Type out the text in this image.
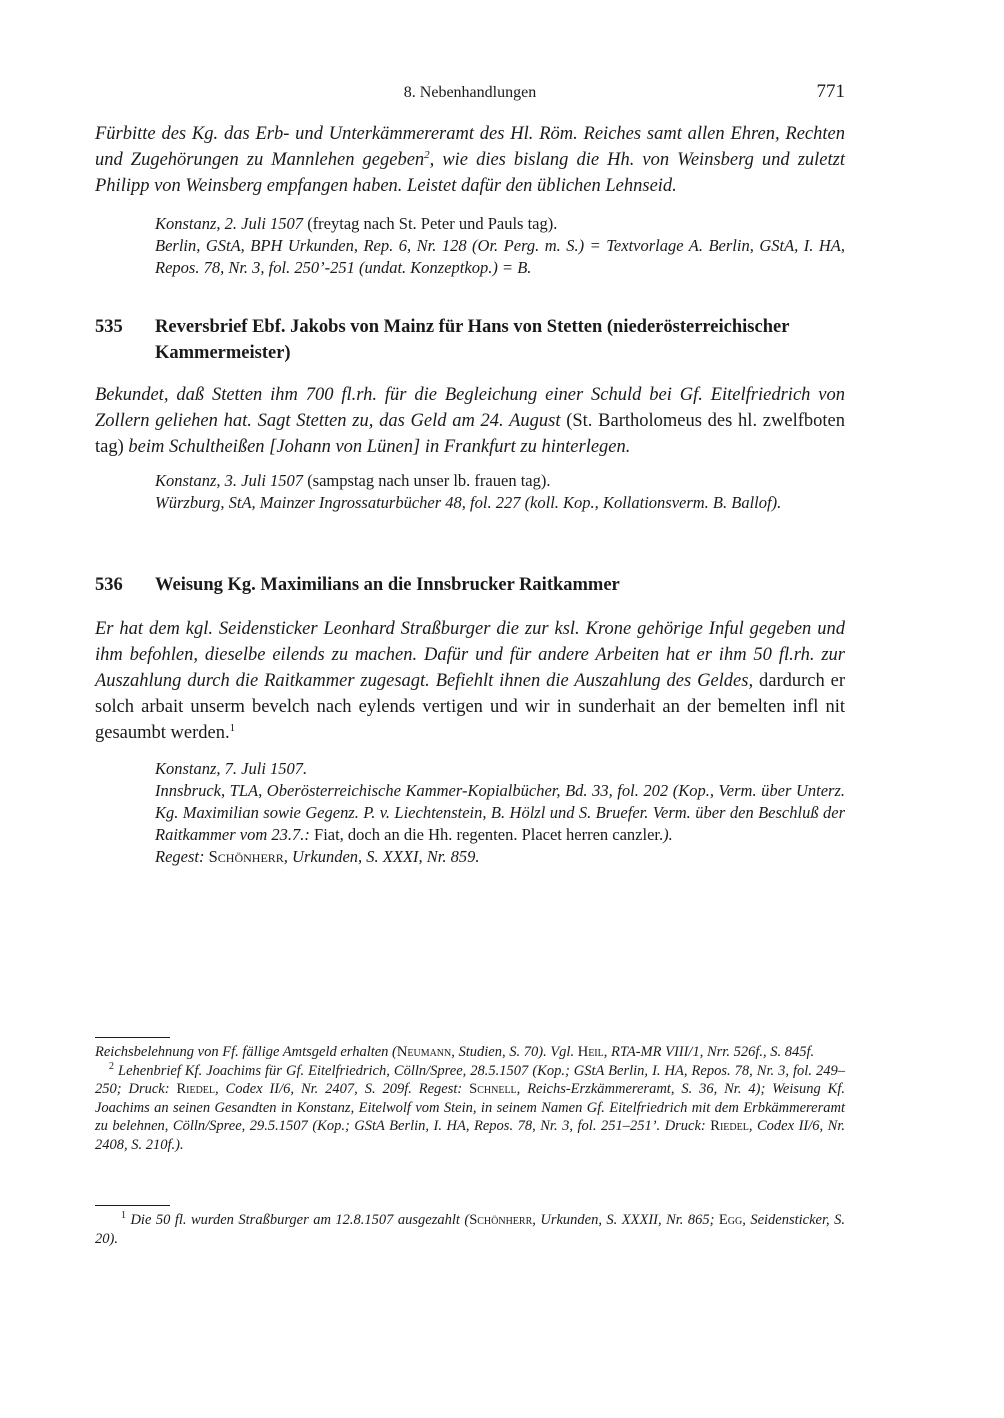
8. Nebenhandlungen	771
Fürbitte des Kg. das Erb- und Unterkämmereramt des Hl. Röm. Reiches samt allen Ehren, Rechten und Zugehörungen zu Mannlehen gegeben$^2$, wie dies bislang die Hh. von Weinsberg und zuletzt Philipp von Weinsberg empfangen haben. Leistet dafür den üblichen Lehnseid.
Konstanz, 2. Juli 1507 (freytag nach St. Peter und Pauls tag).
Berlin, GStA, BPH Urkunden, Rep. 6, Nr. 128 (Or. Perg. m. S.) = Textvorlage A. Berlin, GStA, I. HA, Repos. 78, Nr. 3, fol. 250’-251 (undat. Konzeptkop.) = B.
535 Reversbrief Ebf. Jakobs von Mainz für Hans von Stetten (niederösterreichischer Kammermeister)
Bekundet, daß Stetten ihm 700 fl.rh. für die Begleichung einer Schuld bei Gf. Eitelfriedrich von Zollern geliehen hat. Sagt Stetten zu, das Geld am 24. August (St. Bartholomeus des hl. zwelfboten tag) beim Schultheißen [Johann von Lünen] in Frankfurt zu hinterlegen.
Konstanz, 3. Juli 1507 (sampstag nach unser lb. frauen tag).
Würzburg, StA, Mainzer Ingrossaturbücher 48, fol. 227 (koll. Kop., Kollationsverm. B. Ballof).
536 Weisung Kg. Maximilians an die Innsbrucker Raitkammer
Er hat dem kgl. Seidensticker Leonhard Straßburger die zur ksl. Krone gehörige Inful gegeben und ihm befohlen, dieselbe eilends zu machen. Dafür und für andere Arbeiten hat er ihm 50 fl.rh. zur Auszahlung durch die Raitkammer zugesagt. Befiehlt ihnen die Auszahlung des Geldes, dardurch er solch arbait unserm bevelch nach eylends vertigen und wir in sunderhait an der bemelten infl nit gesaumbt werden.$^1$
Konstanz, 7. Juli 1507.
Innsbruck, TLA, Oberösterreichische Kammer-Kopialbücher, Bd. 33, fol. 202 (Kop., Verm. über Unterz. Kg. Maximilian sowie Gegenz. P. v. Liechtenstein, B. Hölzl und S. Bruefer. Verm. über den Beschluß der Raitkammer vom 23.7.: Fiat, doch an die Hh. regenten. Placet herren canzler.).
Regest: Schönherr, Urkunden, S. XXXI, Nr. 859.
Reichsbelehnung von Ff. fällige Amtsgeld erhalten (Neumann, Studien, S. 70). Vgl. Heil, RTA-MR VIII/1, Nrr. 526f., S. 845f.
$^2$ Lehenbrief Kf. Joachims für Gf. Eitelfriedrich, Cölln/Spree, 28.5.1507 (Kop.; GStA Berlin, I. HA, Repos. 78, Nr. 3, fol. 249–250; Druck: Riedel, Codex II/6, Nr. 2407, S. 209f. Regest: Schnell, Reichs-Erzkämmereramt, S. 36, Nr. 4); Weisung Kf. Joachims an seinen Gesandten in Konstanz, Eitelwolf vom Stein, in seinem Namen Gf. Eitelfriedrich mit dem Erbkämmereramt zu belehnen, Cölln/Spree, 29.5.1507 (Kop.; GStA Berlin, I. HA, Repos. 78, Nr. 3, fol. 251–251’. Druck: Riedel, Codex II/6, Nr. 2408, S. 210f.).
$^1$ Die 50 fl. wurden Straßburger am 12.8.1507 ausgezahlt (Schönherr, Urkunden, S. XXXII, Nr. 865; Egg, Seidensticker, S. 20).
